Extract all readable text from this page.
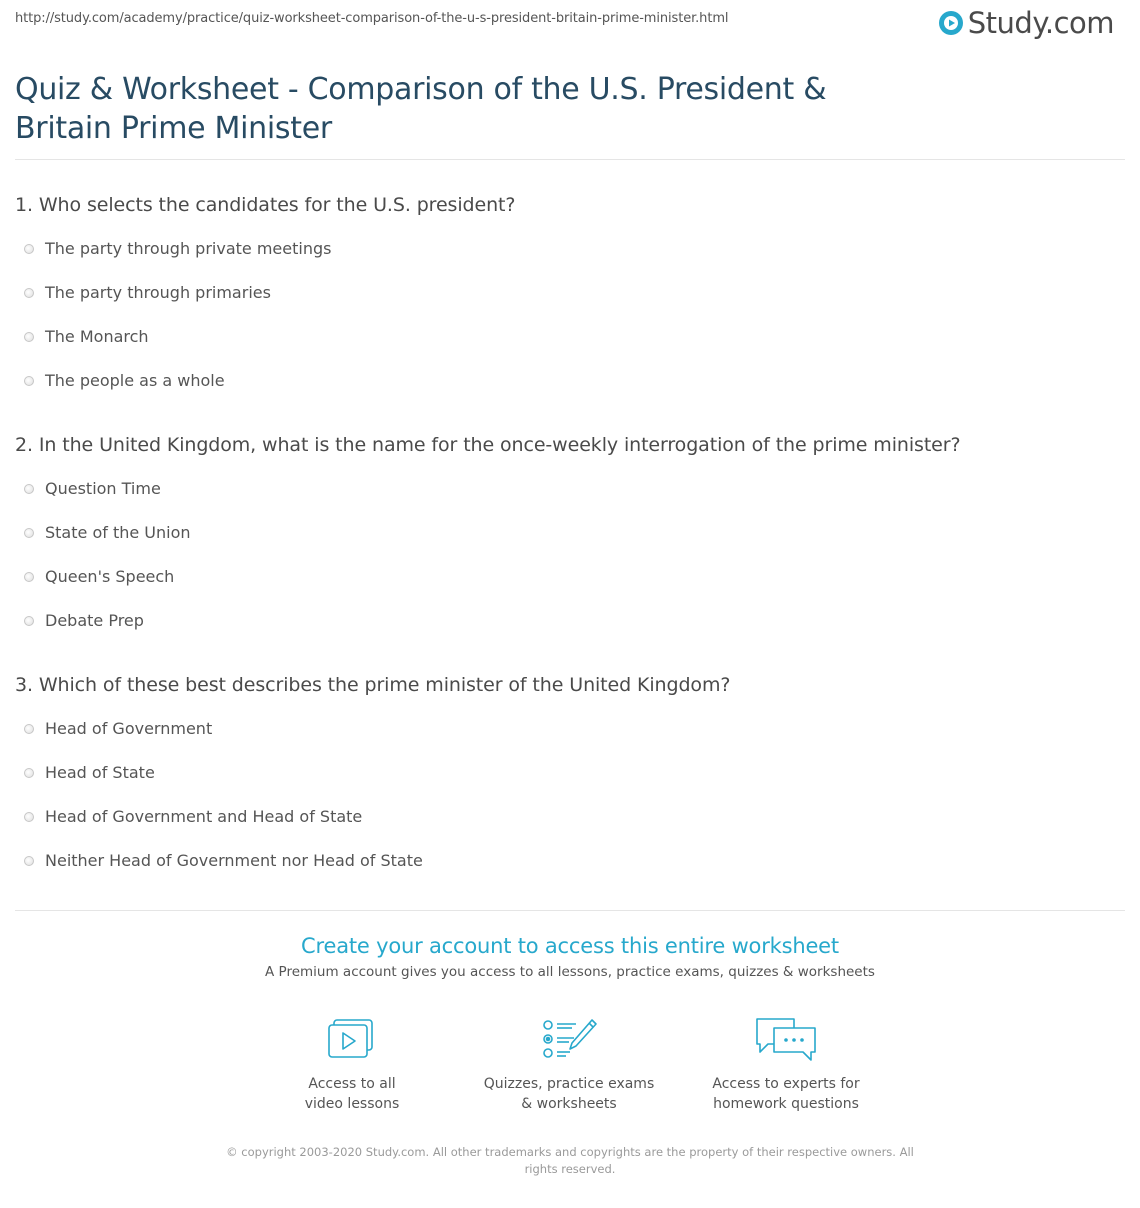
http://study.com/academy/practice/quiz-worksheet-comparison-of-the-u-s-president-britain-prime-minister.html	Study.com
Quiz & Worksheet - Comparison of the U.S. President & Britain Prime Minister
1. Who selects the candidates for the U.S. president?
The party through private meetings
The party through primaries
The Monarch
The people as a whole
2. In the United Kingdom, what is the name for the once-weekly interrogation of the prime minister?
Question Time
State of the Union
Queen's Speech
Debate Prep
3. Which of these best describes the prime minister of the United Kingdom?
Head of Government
Head of State
Head of Government and Head of State
Neither Head of Government nor Head of State
Create your account to access this entire worksheet
A Premium account gives you access to all lessons, practice exams, quizzes & worksheets
Access to all
video lessons
Quizzes, practice exams
& worksheets
Access to experts for
homework questions
© copyright 2003-2020 Study.com. All other trademarks and copyrights are the property of their respective owners. All rights reserved.
